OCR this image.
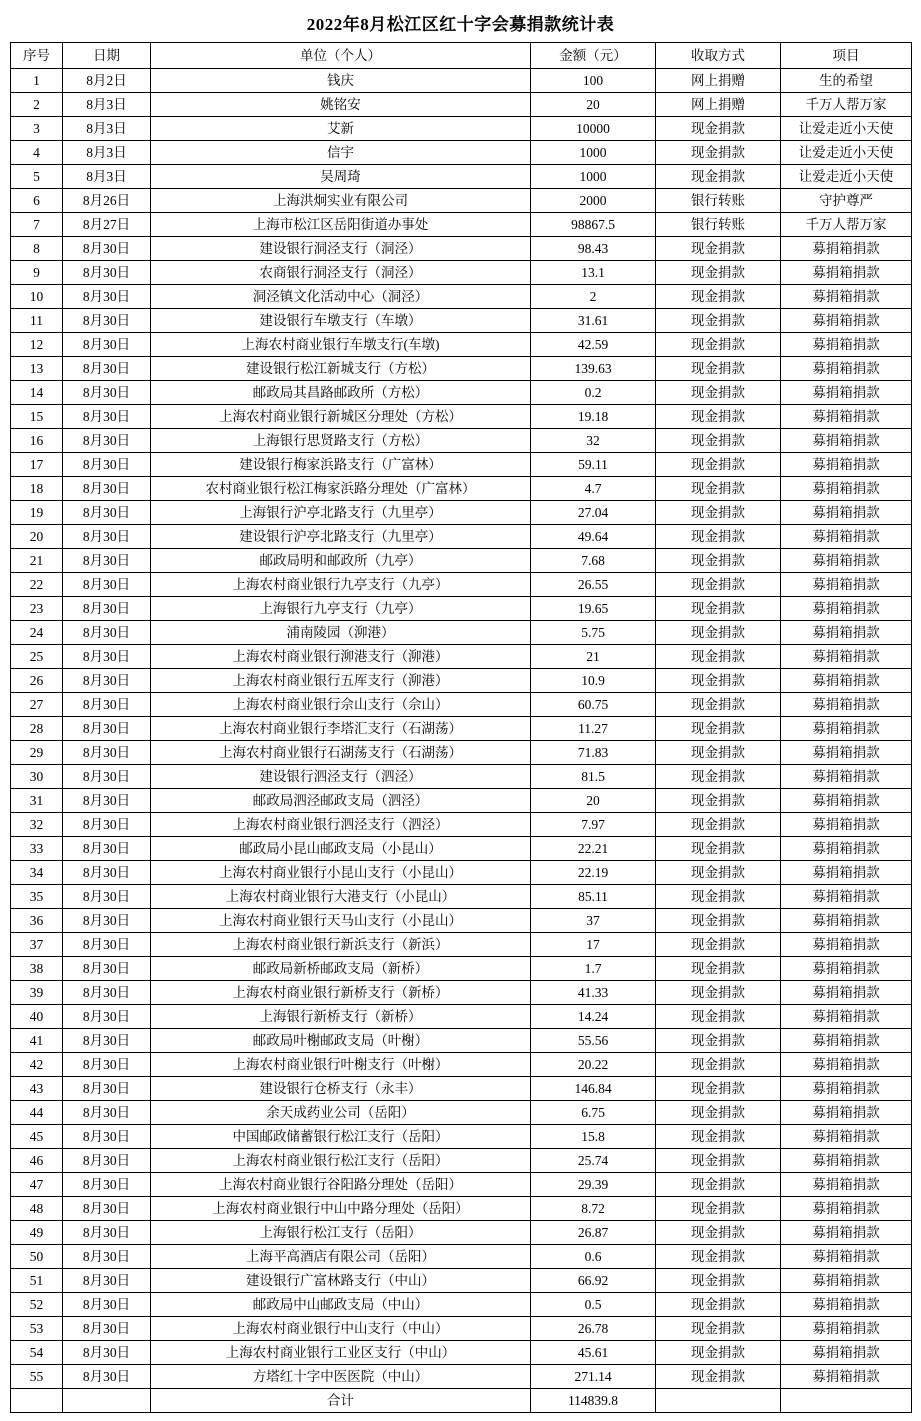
2022年8月松江区红十字会募捐款统计表
序号	日期	单位（个人）	金额（元）	收取方式	项目
1	8月2日	钱庆	100	网上捐赠	生的希望
2	8月3日	姚铭安	20	网上捐赠	千万人帮万家
3	8月3日	艾新	10000	现金捐款	让爱走近小天使
4	8月3日	信宇	1000	现金捐款	让爱走近小天使
5	8月3日	吴周琦	1000	现金捐款	让爱走近小天使
6	8月26日	上海洪炯实业有限公司	2000	银行转账	守护尊严
7	8月27日	上海市松江区岳阳街道办事处	98867.5	银行转账	千万人帮万家
8	8月30日	建设银行洞泾支行（洞泾）	98.43	现金捐款	募捐箱捐款
9	8月30日	农商银行洞泾支行（洞泾）	13.1	现金捐款	募捐箱捐款
10	8月30日	洞泾镇文化活动中心（洞泾）	2	现金捐款	募捐箱捐款
11	8月30日	建设银行车墩支行（车墩）	31.61	现金捐款	募捐箱捐款
12	8月30日	上海农村商业银行车墩支行(车墩)	42.59	现金捐款	募捐箱捐款
13	8月30日	建设银行松江新城支行（方松）	139.63	现金捐款	募捐箱捐款
14	8月30日	邮政局其昌路邮政所（方松）	0.2	现金捐款	募捐箱捐款
15	8月30日	上海农村商业银行新城区分理处（方松）	19.18	现金捐款	募捐箱捐款
16	8月30日	上海银行思贤路支行（方松）	32	现金捐款	募捐箱捐款
17	8月30日	建设银行梅家浜路支行（广富林）	59.11	现金捐款	募捐箱捐款
18	8月30日	农村商业银行松江梅家浜路分理处（广富林）	4.7	现金捐款	募捐箱捐款
19	8月30日	上海银行沪亭北路支行（九里亭）	27.04	现金捐款	募捐箱捐款
20	8月30日	建设银行沪亭北路支行（九里亭）	49.64	现金捐款	募捐箱捐款
21	8月30日	邮政局明和邮政所（九亭）	7.68	现金捐款	募捐箱捐款
22	8月30日	上海农村商业银行九亭支行（九亭）	26.55	现金捐款	募捐箱捐款
23	8月30日	上海银行九亭支行（九亭）	19.65	现金捐款	募捐箱捐款
24	8月30日	浦南陵园（泖港）	5.75	现金捐款	募捐箱捐款
25	8月30日	上海农村商业银行泖港支行（泖港）	21	现金捐款	募捐箱捐款
26	8月30日	上海农村商业银行五厍支行（泖港）	10.9	现金捐款	募捐箱捐款
27	8月30日	上海农村商业银行佘山支行（佘山）	60.75	现金捐款	募捐箱捐款
28	8月30日	上海农村商业银行李塔汇支行（石湖荡）	11.27	现金捐款	募捐箱捐款
29	8月30日	上海农村商业银行石湖荡支行（石湖荡）	71.83	现金捐款	募捐箱捐款
30	8月30日	建设银行泗泾支行（泗泾）	81.5	现金捐款	募捐箱捐款
31	8月30日	邮政局泗泾邮政支局（泗泾）	20	现金捐款	募捐箱捐款
32	8月30日	上海农村商业银行泗泾支行（泗泾）	7.97	现金捐款	募捐箱捐款
33	8月30日	邮政局小昆山邮政支局（小昆山）	22.21	现金捐款	募捐箱捐款
34	8月30日	上海农村商业银行小昆山支行（小昆山）	22.19	现金捐款	募捐箱捐款
35	8月30日	上海农村商业银行大港支行（小昆山）	85.11	现金捐款	募捐箱捐款
36	8月30日	上海农村商业银行天马山支行（小昆山）	37	现金捐款	募捐箱捐款
37	8月30日	上海农村商业银行新浜支行（新浜）	17	现金捐款	募捐箱捐款
38	8月30日	邮政局新桥邮政支局（新桥）	1.7	现金捐款	募捐箱捐款
39	8月30日	上海农村商业银行新桥支行（新桥）	41.33	现金捐款	募捐箱捐款
40	8月30日	上海银行新桥支行（新桥）	14.24	现金捐款	募捐箱捐款
41	8月30日	邮政局叶榭邮政支局（叶榭）	55.56	现金捐款	募捐箱捐款
42	8月30日	上海农村商业银行叶榭支行（叶榭）	20.22	现金捐款	募捐箱捐款
43	8月30日	建设银行仓桥支行（永丰）	146.84	现金捐款	募捐箱捐款
44	8月30日	余天成药业公司（岳阳）	6.75	现金捐款	募捐箱捐款
45	8月30日	中国邮政储蓄银行松江支行（岳阳）	15.8	现金捐款	募捐箱捐款
46	8月30日	上海农村商业银行松江支行（岳阳）	25.74	现金捐款	募捐箱捐款
47	8月30日	上海农村商业银行谷阳路分理处（岳阳）	29.39	现金捐款	募捐箱捐款
48	8月30日	上海农村商业银行中山中路分理处（岳阳）	8.72	现金捐款	募捐箱捐款
49	8月30日	上海银行松江支行（岳阳）	26.87	现金捐款	募捐箱捐款
50	8月30日	上海平高酒店有限公司（岳阳）	0.6	现金捐款	募捐箱捐款
51	8月30日	建设银行广富林路支行（中山）	66.92	现金捐款	募捐箱捐款
52	8月30日	邮政局中山邮政支局（中山）	0.5	现金捐款	募捐箱捐款
53	8月30日	上海农村商业银行中山支行（中山）	26.78	现金捐款	募捐箱捐款
54	8月30日	上海农村商业银行工业区支行（中山）	45.61	现金捐款	募捐箱捐款
55	8月30日	方塔红十字中医医院（中山）	271.14	现金捐款	募捐箱捐款
		合计	114839.8		
